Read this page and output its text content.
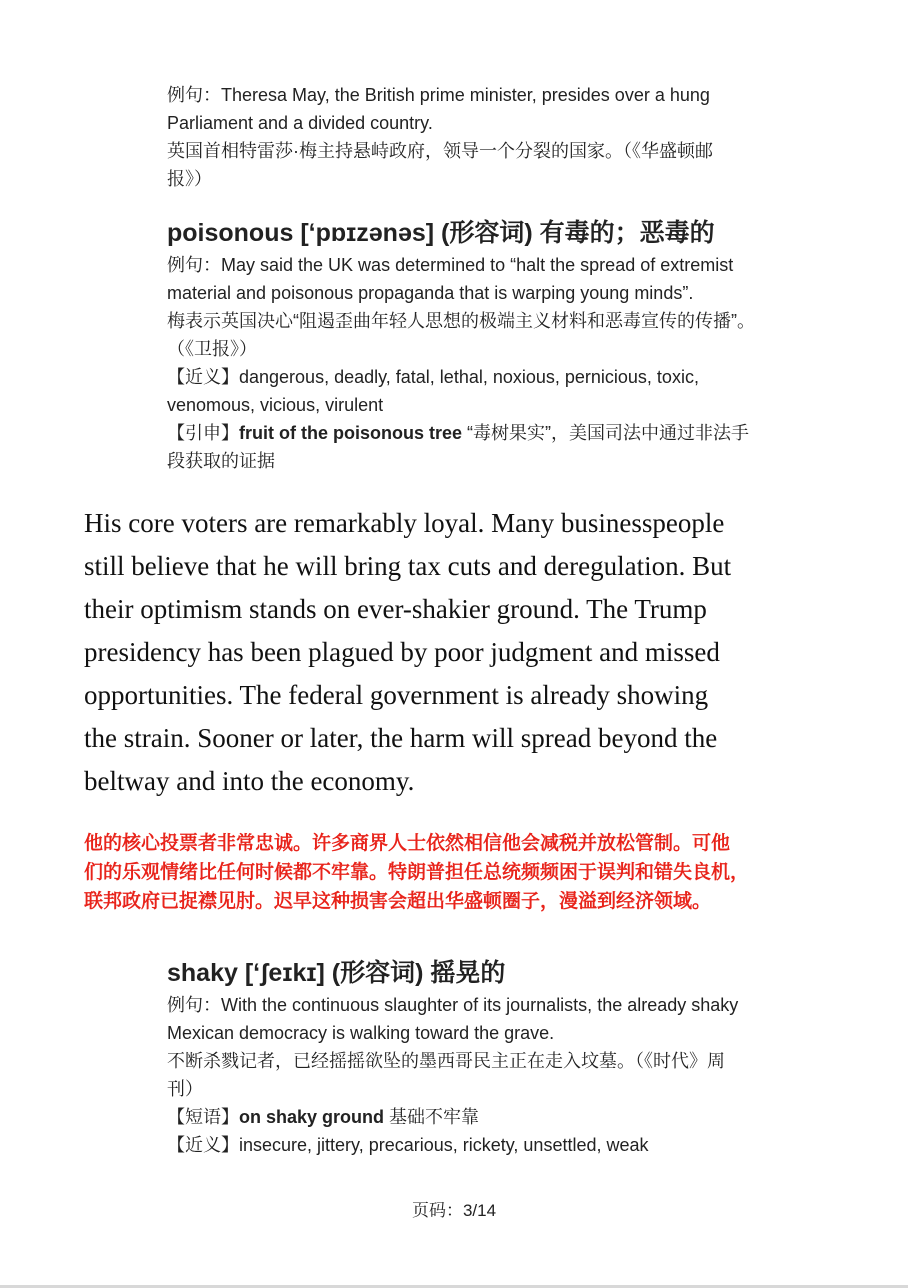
例句：Theresa May, the British prime minister, presides over a hung
Parliament and a divided country.
英国首相特雷莎·梅主持悬峙政府，领导一个分裂的国家。（《华盛顿邮
报》）
poisonous [‘pɒɪzənəs] (形容词) 有毒的；恶毒的
例句：May said the UK was determined to “halt the spread of extremist
material and poisonous propaganda that is warping young minds”.
梅表示英国决心“阻遏歪曲年轻人思想的极端主义材料和恶毒宣传的传播”。
（《卫报》）
【近义】dangerous, deadly, fatal, lethal, noxious, pernicious, toxic,
venomous, vicious, virulent
【引申】fruit of the poisonous tree “毒树果实”，美国司法中通过非法手
段获取的证据
His core voters are remarkably loyal. Many businesspeople
still believe that he will bring tax cuts and deregulation. But
their optimism stands on ever-shakier ground. The Trump
presidency has been plagued by poor judgment and missed
opportunities. The federal government is already showing
the strain. Sooner or later, the harm will spread beyond the
beltway and into the economy.
他的核心投票者非常忠诚。许多商界人士依然相信他会减税并放松管制。可他
们的乐观情绪比任何时候都不牢靠。特朗普担任总统频频困于误判和错失良机，
联邦政府已捉襟见肘。迟早这种损害会超出华盛顿圈子，漫溢到经济领域。
shaky [‘ʃeɪkɪ] (形容词) 摇晃的
例句：With the continuous slaughter of its journalists, the already shaky
Mexican democracy is walking toward the grave.
不断杀戮记者，已经摇摇欲坠的墨西哥民主正在走入坟墓。（《时代》周
刊）
【短语】on shaky ground 基础不牢靠
【近义】insecure, jittery, precarious, rickety, unsettled, weak
页码：3/14
